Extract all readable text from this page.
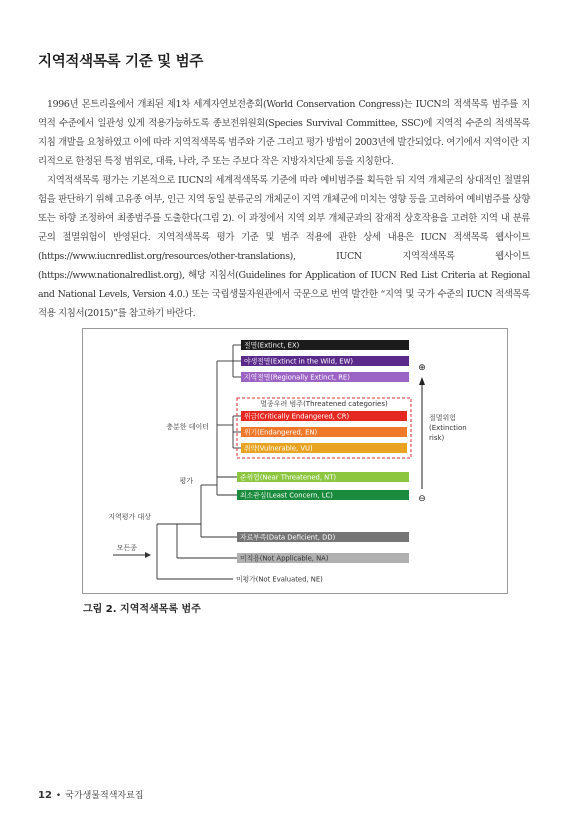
지역적색목록 기준 및 범주

1996년 몬트리올에서 개최된 제1차 세계자연보전총회(World Conservation Congress)는 IUCN의 적색목록 범주를 지역적 수준에서 일관성 있게 적용가능하도록 종보전위원회(Species Survival Committee, SSC)에 지역적 수준의 적색목록 지침 개발을 요청하였고 이에 따라 지역적색목록 범주와 기준 그리고 평가 방법이 2003년에 발간되었다. 여기에서 지역이란 지리적으로 한정된 특정 범위로, 대륙, 나라, 주 또는 주보다 작은 지방자치단체 등을 지칭한다.

지역적색목록 평가는 기본적으로 IUCN의 세계적색목록 기준에 따라 예비범주를 획득한 뒤 지역 개체군의 상대적인 절멸위험을 판단하기 위해 고유종 여부, 인근 지역 동일 분류군의 개체군이 지역 개체군에 미치는 영향 등을 고려하여 예비범주를 상향 또는 하향 조정하여 최종범주를 도출한다(그림 2). 이 과정에서 지역 외부 개체군과의 잠재적 상호작용을 고려한 지역 내 분류군의 절멸위험이 반영된다. 지역적색목록 평가 기준 및 범주 적용에 관한 상세 내용은 IUCN 적색목록 웹사이트(https://www.iucnredlist.org/resources/other-translations), IUCN 지역적색목록 웹사이트(https://www.nationalredlist.org), 해당 지침서(Guidelines for Application of IUCN Red List Criteria at Regional and National Levels, Version 4.0.) 또는 국립생물자원관에서 국문으로 번역 발간한 “지역 및 국가 수준의 IUCN 적색목록 적용 지침서(2015)”를 참고하기 바란다.

멸종우려 범주(Threatened categories)
절멸(Extinct, EX)
야생절멸(Extinct in the Wild, EW)
지역절멸(Regionally Extinct, RE)
위급(Critically Endangered, CR)
위기(Endangered, EN)
취약(Vulnerable, VU)
준위협(Near Threatened, NT)
최소관심(Least Concern, LC)
자료부족(Data Deficient, DD)
미적용(Not Applicable, NA)
미평가(Not Evaluated, NE)
충분한 데이터
평가
지역평가 대상
모든종
⊕
⊖
절멸위험
(Extinction
risk)
그림 2. 지역적색목록 범주
12 • 국가생물적색자료집
